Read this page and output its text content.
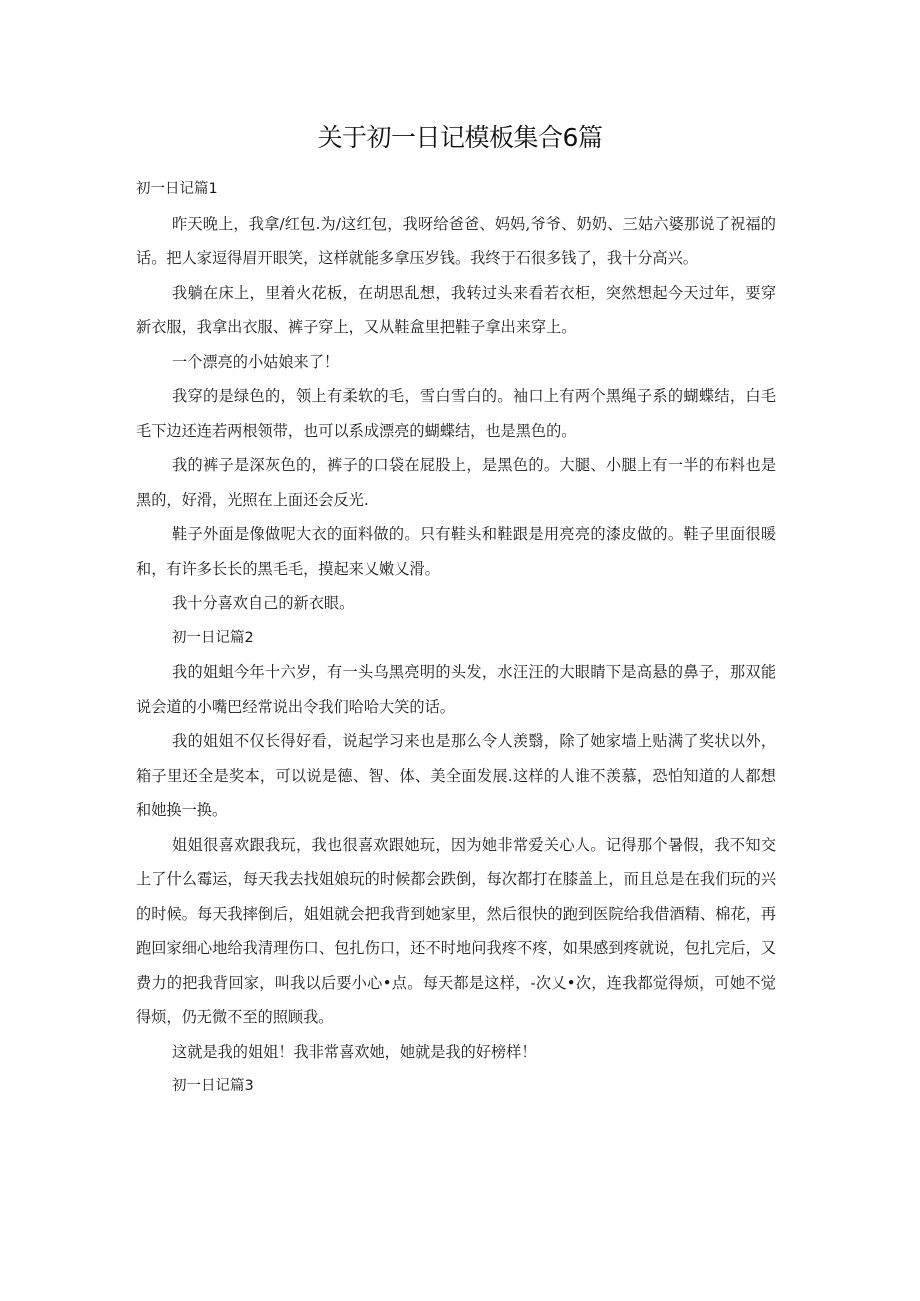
关于初一日记模板集合6篇

初一日记篇1

昨天晚上，我拿/红包.为/这红包，我呀给爸爸、妈妈,爷爷、奶奶、三姑六婆那说了祝福的话。把人家逗得眉开眼笑，这样就能多拿压岁钱。我终于石很多钱了，我十分高兴。

我躺在床上，里着火花板，在胡思乱想，我转过头来看若衣柜，突然想起今天过年，要穿新衣服，我拿出衣服、裤子穿上，又从鞋盒里把鞋子拿出来穿上。

一个漂亮的小姑娘来了！

我穿的是绿色的，领上有柔软的毛，雪白雪白的。袖口上有两个黑绳子系的蝴蝶结，白毛毛下边还连若两根领带，也可以系成漂亮的蝴蝶结，也是黑色的。

我的裤子是深灰色的，裤子的口袋在屁股上，是黑色的。大腿、小腿上有一半的布料也是黑的，好滑，光照在上面还会反光.

鞋子外面是像做呢大衣的面料做的。只有鞋头和鞋跟是用亮亮的漆皮做的。鞋子里面很暖和，有许多长长的黑毛毛，摸起来乂嫩乂滑。

我十分喜欢自己的新衣眼。

初一日记篇2

我的姐蛆今年十六岁，有一头乌黑亮明的头发，水汪汪的大眼睛下是高悬的鼻子，那双能说会道的小嘴巴经常说出令我们哈哈大笑的话。

我的姐姐不仅长得好看，说起学习来也是那么令人羡翳，除了她家墙上贴满了奖状以外，箱子里还全是奖本，可以说是德、智、体、美全面发展.这样的人谁不羡慕，恐怕知道的人都想和她换一换。

姐姐很喜欢跟我玩，我也很喜欢跟她玩，因为她非常爱关心人。记得那个暑假，我不知交上了什么霉运，每天我去找姐娘玩的时候都会跌倒，每次都打在膝盖上，而且总是在我们玩的兴的时候。每天我摔倒后，姐姐就会把我背到她家里，然后很快的跑到医院给我借酒精、棉花，再跑回家细心地给我清理伤口、包扎伤口，还不时地问我疼不疼，如果感到疼就说，包扎完后，又费力的把我背回家，叫我以后要小心•点。每天都是这样，-次乂•次，连我都觉得烦，可她不觉得烦，仍无微不至的照顾我。

这就是我的姐姐！我非常喜欢她，她就是我的好榜样！

初一日记篇3
